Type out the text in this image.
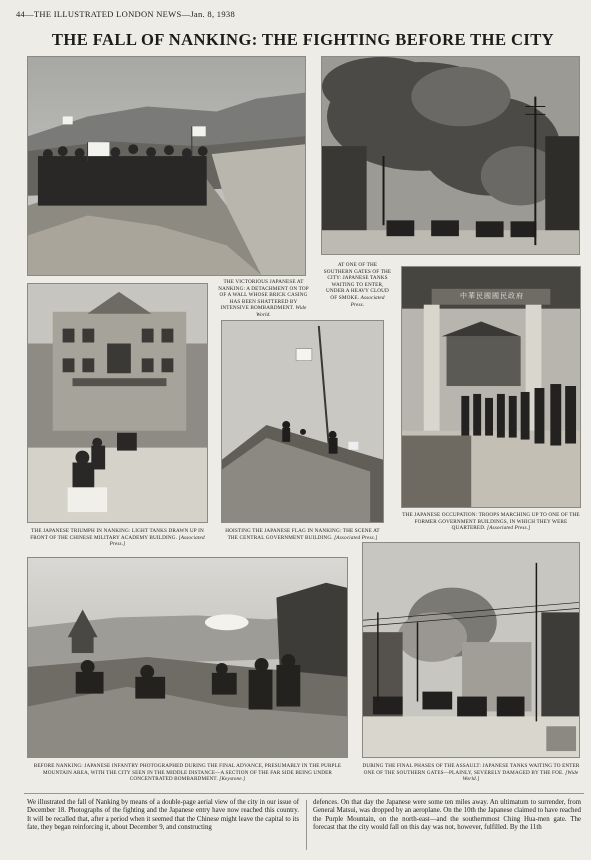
44—THE ILLUSTRATED LONDON NEWS—Jan. 8, 1938
THE FALL OF NANKING: THE FIGHTING BEFORE THE CITY
THE VICTORIOUS JAPANESE AT NANKING: A DETACHMENT ON TOP OF A WALL WHOSE BRICK CASING HAS BEEN SHATTERED BY INTENSIVE BOMBARDMENT. Wide World.
AT ONE OF THE SOUTHERN GATES OF THE CITY: JAPANESE TANKS WAITING TO ENTER, UNDER A HEAVY CLOUD OF SMOKE. Associated Press.
中華民國國民政府
THE JAPANESE TRIUMPH IN NANKING: LIGHT TANKS DRAWN UP IN FRONT OF THE CHINESE MILITARY ACADEMY BUILDING. [Associated Press.]
HOISTING THE JAPANESE FLAG IN NANKING: THE SCENE AT THE CENTRAL GOVERNMENT BUILDING. [Associated Press.]
THE JAPANESE OCCUPATION: TROOPS MARCHING UP TO ONE OF THE FORMER GOVERNMENT BUILDINGS, IN WHICH THEY WERE QUARTERED. [Associated Press.]
BEFORE NANKING: JAPANESE INFANTRY PHOTOGRAPHED DURING THE FINAL ADVANCE, PRESUMABLY IN THE PURPLE MOUNTAIN AREA, WITH THE CITY SEEN IN THE MIDDLE DISTANCE—A SECTION OF THE FAR SIDE BEING UNDER CONCENTRATED BOMBARDMENT. [Keystone.]
DURING THE FINAL PHASES OF THE ASSAULT: JAPANESE TANKS WAITING TO ENTER ONE OF THE SOUTHERN GATES—PLAINLY, SEVERELY DAMAGED BY THE FOE. [Wide World.]
We illustrated the fall of Nanking by means of a double-page aerial view of the city in our issue of December 18. Photographs of the fighting and the Japanese entry have now reached this country. It will be recalled that, after a period when it seemed that the Chinese might leave the capital to its fate, they began reinforcing it, about December 9, and constructing
defences. On that day the Japanese were some ten miles away. An ultimatum to surrender, from General Matsui, was dropped by an aeroplane. On the 10th the Japanese claimed to have reached the Purple Mountain, on the north-east—and the southernmost Ching Hua-men gate. The forecast that the city would fall on this day was not, however, fulfilled. By the 11th
